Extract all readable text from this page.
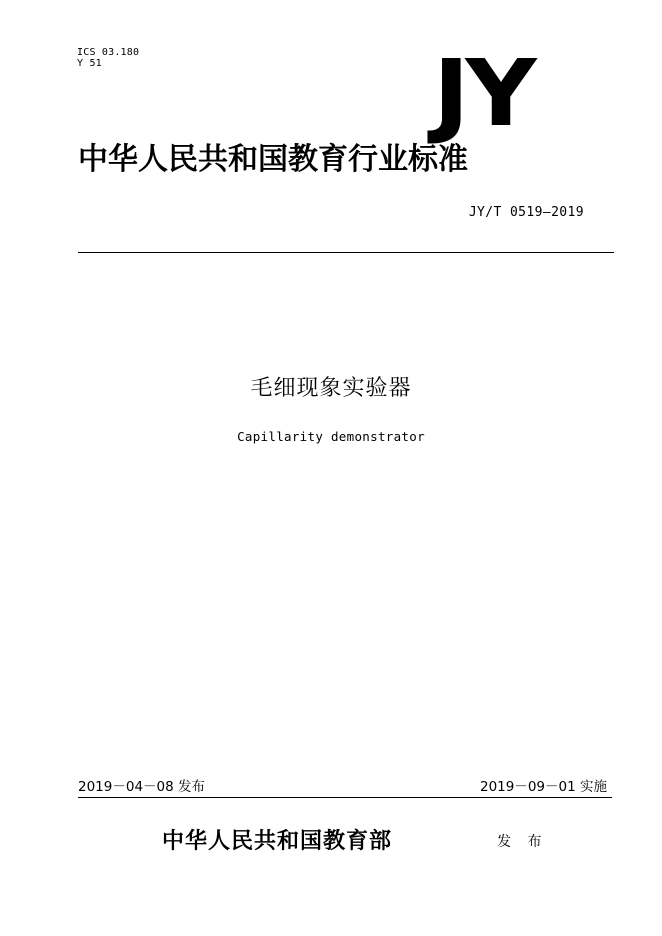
ICS 03.180
Y 51	JY
中华人民共和国教育行业标准
JY/T 0519—2019
毛细现象实验器
Capillarity demonstrator
2019－04－08 发布	2019－09－01 实施
中华人民共和国教育部	发 布
